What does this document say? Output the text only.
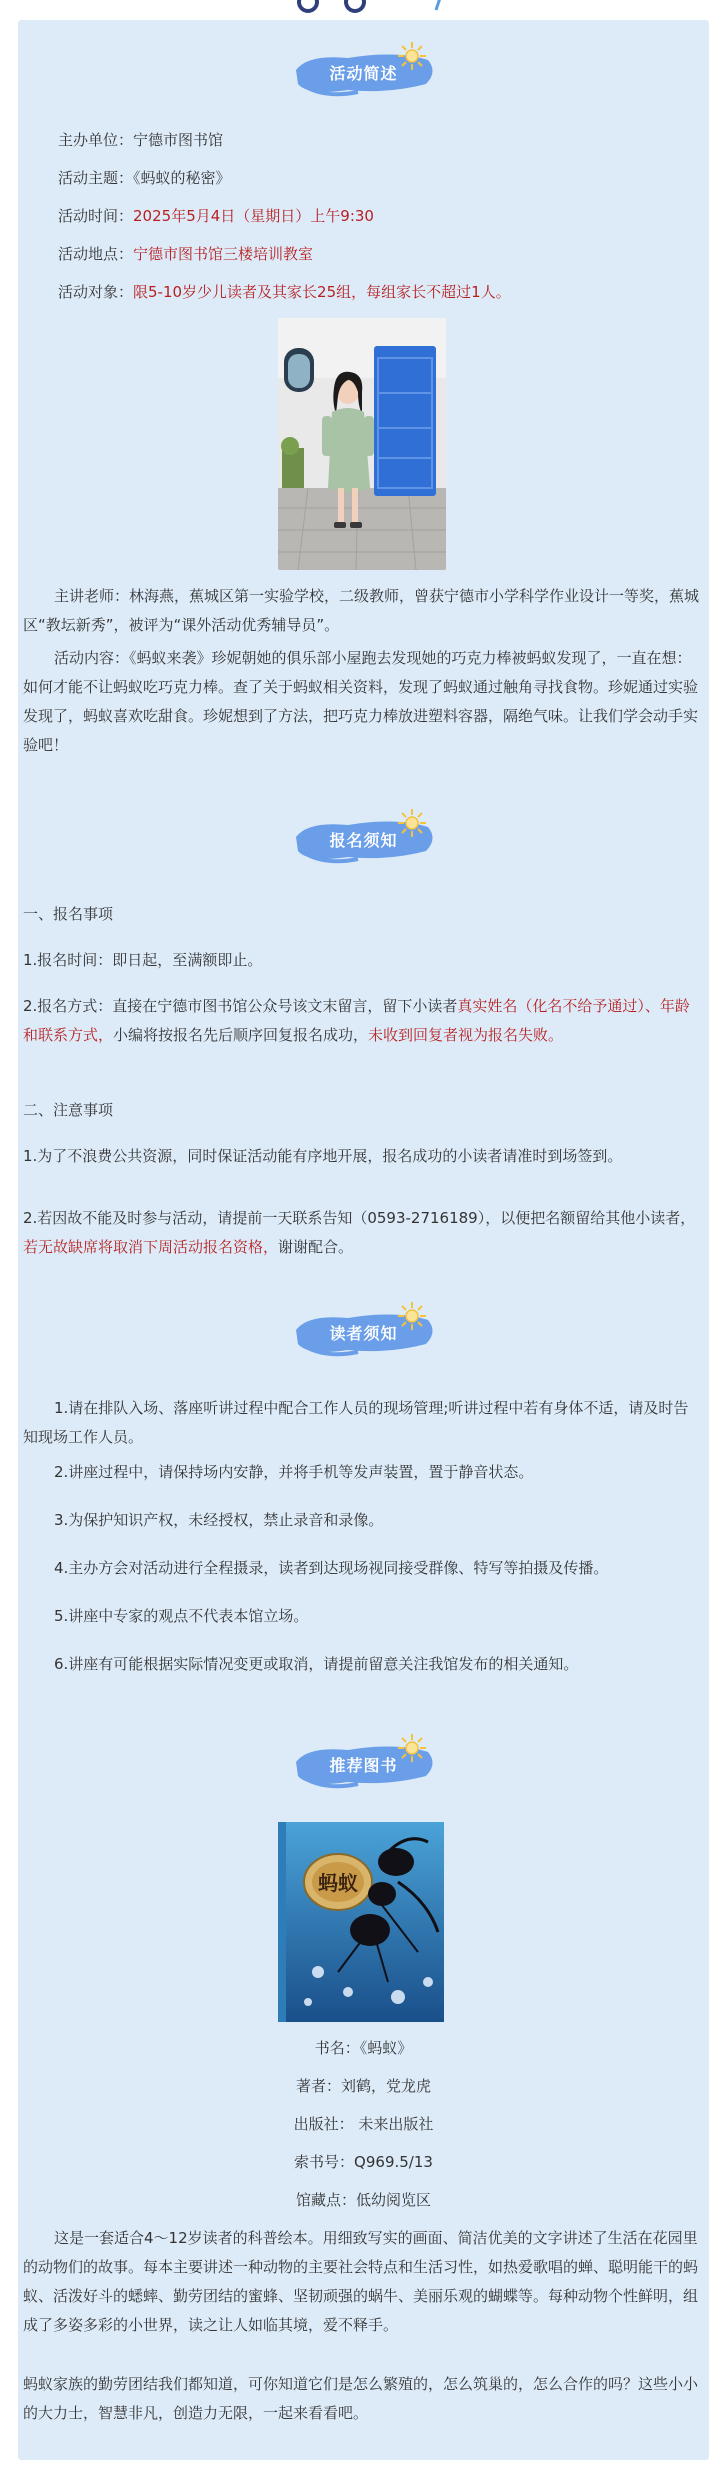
活动简述
主办单位：宁德市图书馆
活动主题：《蚂蚁的秘密》
活动时间：2025年5月4日（星期日）上午9:30
活动地点：宁德市图书馆三楼培训教室
活动对象：限5-10岁少儿读者及其家长25组，每组家长不超过1人。
主讲老师：林海燕，蕉城区第一实验学校，二级教师，曾获宁德市小学科学作业设计一等奖，蕉城区“教坛新秀”，被评为“课外活动优秀辅导员”。
活动内容：《蚂蚁来袭》珍妮朝她的俱乐部小屋跑去发现她的巧克力棒被蚂蚁发现了，一直在想：如何才能不让蚂蚁吃巧克力棒。查了关于蚂蚁相关资料，发现了蚂蚁通过触角寻找食物。珍妮通过实验发现了，蚂蚁喜欢吃甜食。珍妮想到了方法，把巧克力棒放进塑料容器，隔绝气味。让我们学会动手实验吧！
报名须知
一、报名事项
1.报名时间：即日起，至满额即止。
2.报名方式：直接在宁德市图书馆公众号该文末留言，留下小读者真实姓名（化名不给予通过）、年龄和联系方式，小编将按报名先后顺序回复报名成功，未收到回复者视为报名失败。
二、注意事项
1.为了不浪费公共资源，同时保证活动能有序地开展，报名成功的小读者请准时到场签到。
2.若因故不能及时参与活动，请提前一天联系告知（0593-2716189），以便把名额留给其他小读者，若无故缺席将取消下周活动报名资格，谢谢配合。
读者须知
1.请在排队入场、落座听讲过程中配合工作人员的现场管理;听讲过程中若有身体不适，请及时告知现场工作人员。
2.讲座过程中，请保持场内安静，并将手机等发声装置，置于静音状态。
3.为保护知识产权，未经授权，禁止录音和录像。
4.主办方会对活动进行全程摄录，读者到达现场视同接受群像、特写等拍摄及传播。
5.讲座中专家的观点不代表本馆立场。
6.讲座有可能根据实际情况变更或取消，请提前留意关注我馆发布的相关通知。
推荐图书
蚂蚁
书名：《蚂蚁》
著者：刘鹤，党龙虎
出版社： 未来出版社
索书号：Q969.5/13
馆藏点：低幼阅览区
这是一套适合4～12岁读者的科普绘本。用细致写实的画面、简洁优美的文字讲述了生活在花园里的动物们的故事。每本主要讲述一种动物的主要社会特点和生活习性，如热爱歌唱的蝉、聪明能干的蚂蚁、活泼好斗的蟋蟀、勤劳团结的蜜蜂、坚韧顽强的蜗牛、美丽乐观的蝴蝶等。每种动物个性鲜明，组成了多姿多彩的小世界，读之让人如临其境，爱不释手。
蚂蚁家族的勤劳团结我们都知道，可你知道它们是怎么繁殖的，怎么筑巢的，怎么合作的吗？这些小小的大力士，智慧非凡，创造力无限，一起来看看吧。
